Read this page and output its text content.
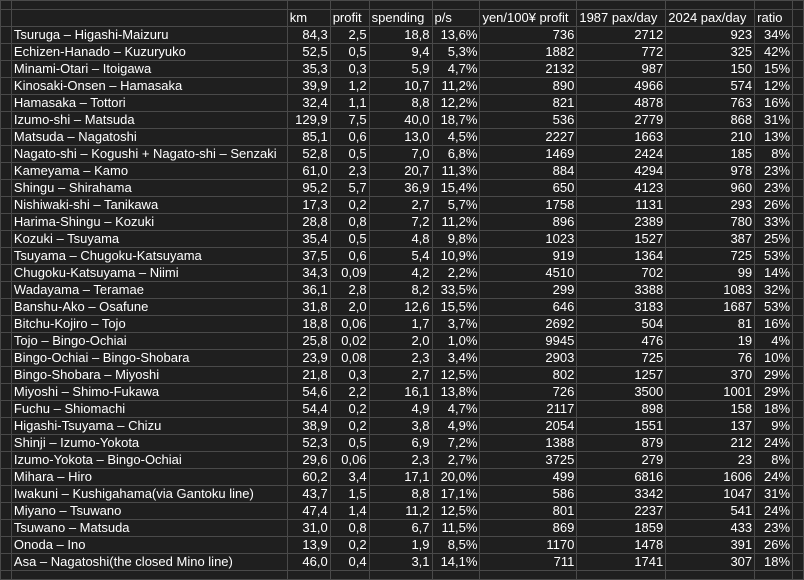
		km	profit	spending	p/s	yen/100¥ profit	1987 pax/day	2024 pax/day	ratio	
	Tsuruga – Higashi-Maizuru	84,3	2,5	18,8	13,6%	736	2712	923	34%	
	Echizen-Hanado – Kuzuryuko	52,5	0,5	9,4	5,3%	1882	772	325	42%	
	Minami-Otari – Itoigawa	35,3	0,3	5,9	4,7%	2132	987	150	15%	
	Kinosaki-Onsen – Hamasaka	39,9	1,2	10,7	11,2%	890	4966	574	12%	
	Hamasaka – Tottori	32,4	1,1	8,8	12,2%	821	4878	763	16%	
	Izumo-shi – Matsuda	129,9	7,5	40,0	18,7%	536	2779	868	31%	
	Matsuda – Nagatoshi	85,1	0,6	13,0	4,5%	2227	1663	210	13%	
	Nagato-shi – Kogushi + Nagato-shi – Senzaki	52,8	0,5	7,0	6,8%	1469	2424	185	8%	
	Kameyama – Kamo	61,0	2,3	20,7	11,3%	884	4294	978	23%	
	Shingu – Shirahama	95,2	5,7	36,9	15,4%	650	4123	960	23%	
	Nishiwaki-shi – Tanikawa	17,3	0,2	2,7	5,7%	1758	1131	293	26%	
	Harima-Shingu – Kozuki	28,8	0,8	7,2	11,2%	896	2389	780	33%	
	Kozuki – Tsuyama	35,4	0,5	4,8	9,8%	1023	1527	387	25%	
	Tsuyama – Chugoku-Katsuyama	37,5	0,6	5,4	10,9%	919	1364	725	53%	
	Chugoku-Katsuyama – Niimi	34,3	0,09	4,2	2,2%	4510	702	99	14%	
	Wadayama – Teramae	36,1	2,8	8,2	33,5%	299	3388	1083	32%	
	Banshu-Ako – Osafune	31,8	2,0	12,6	15,5%	646	3183	1687	53%	
	Bitchu-Kojiro – Tojo	18,8	0,06	1,7	3,7%	2692	504	81	16%	
	Tojo – Bingo-Ochiai	25,8	0,02	2,0	1,0%	9945	476	19	4%	
	Bingo-Ochiai – Bingo-Shobara	23,9	0,08	2,3	3,4%	2903	725	76	10%	
	Bingo-Shobara – Miyoshi	21,8	0,3	2,7	12,5%	802	1257	370	29%	
	Miyoshi – Shimo-Fukawa	54,6	2,2	16,1	13,8%	726	3500	1001	29%	
	Fuchu – Shiomachi	54,4	0,2	4,9	4,7%	2117	898	158	18%	
	Higashi-Tsuyama – Chizu	38,9	0,2	3,8	4,9%	2054	1551	137	9%	
	Shinji – Izumo-Yokota	52,3	0,5	6,9	7,2%	1388	879	212	24%	
	Izumo-Yokota – Bingo-Ochiai	29,6	0,06	2,3	2,7%	3725	279	23	8%	
	Mihara – Hiro	60,2	3,4	17,1	20,0%	499	6816	1606	24%	
	Iwakuni – Kushigahama(via Gantoku line)	43,7	1,5	8,8	17,1%	586	3342	1047	31%	
	Miyano – Tsuwano	47,4	1,4	11,2	12,5%	801	2237	541	24%	
	Tsuwano – Matsuda	31,0	0,8	6,7	11,5%	869	1859	433	23%	
	Onoda – Ino	13,9	0,2	1,9	8,5%	1170	1478	391	26%	
	Asa – Nagatoshi(the closed Mino line)	46,0	0,4	3,1	14,1%	711	1741	307	18%	
